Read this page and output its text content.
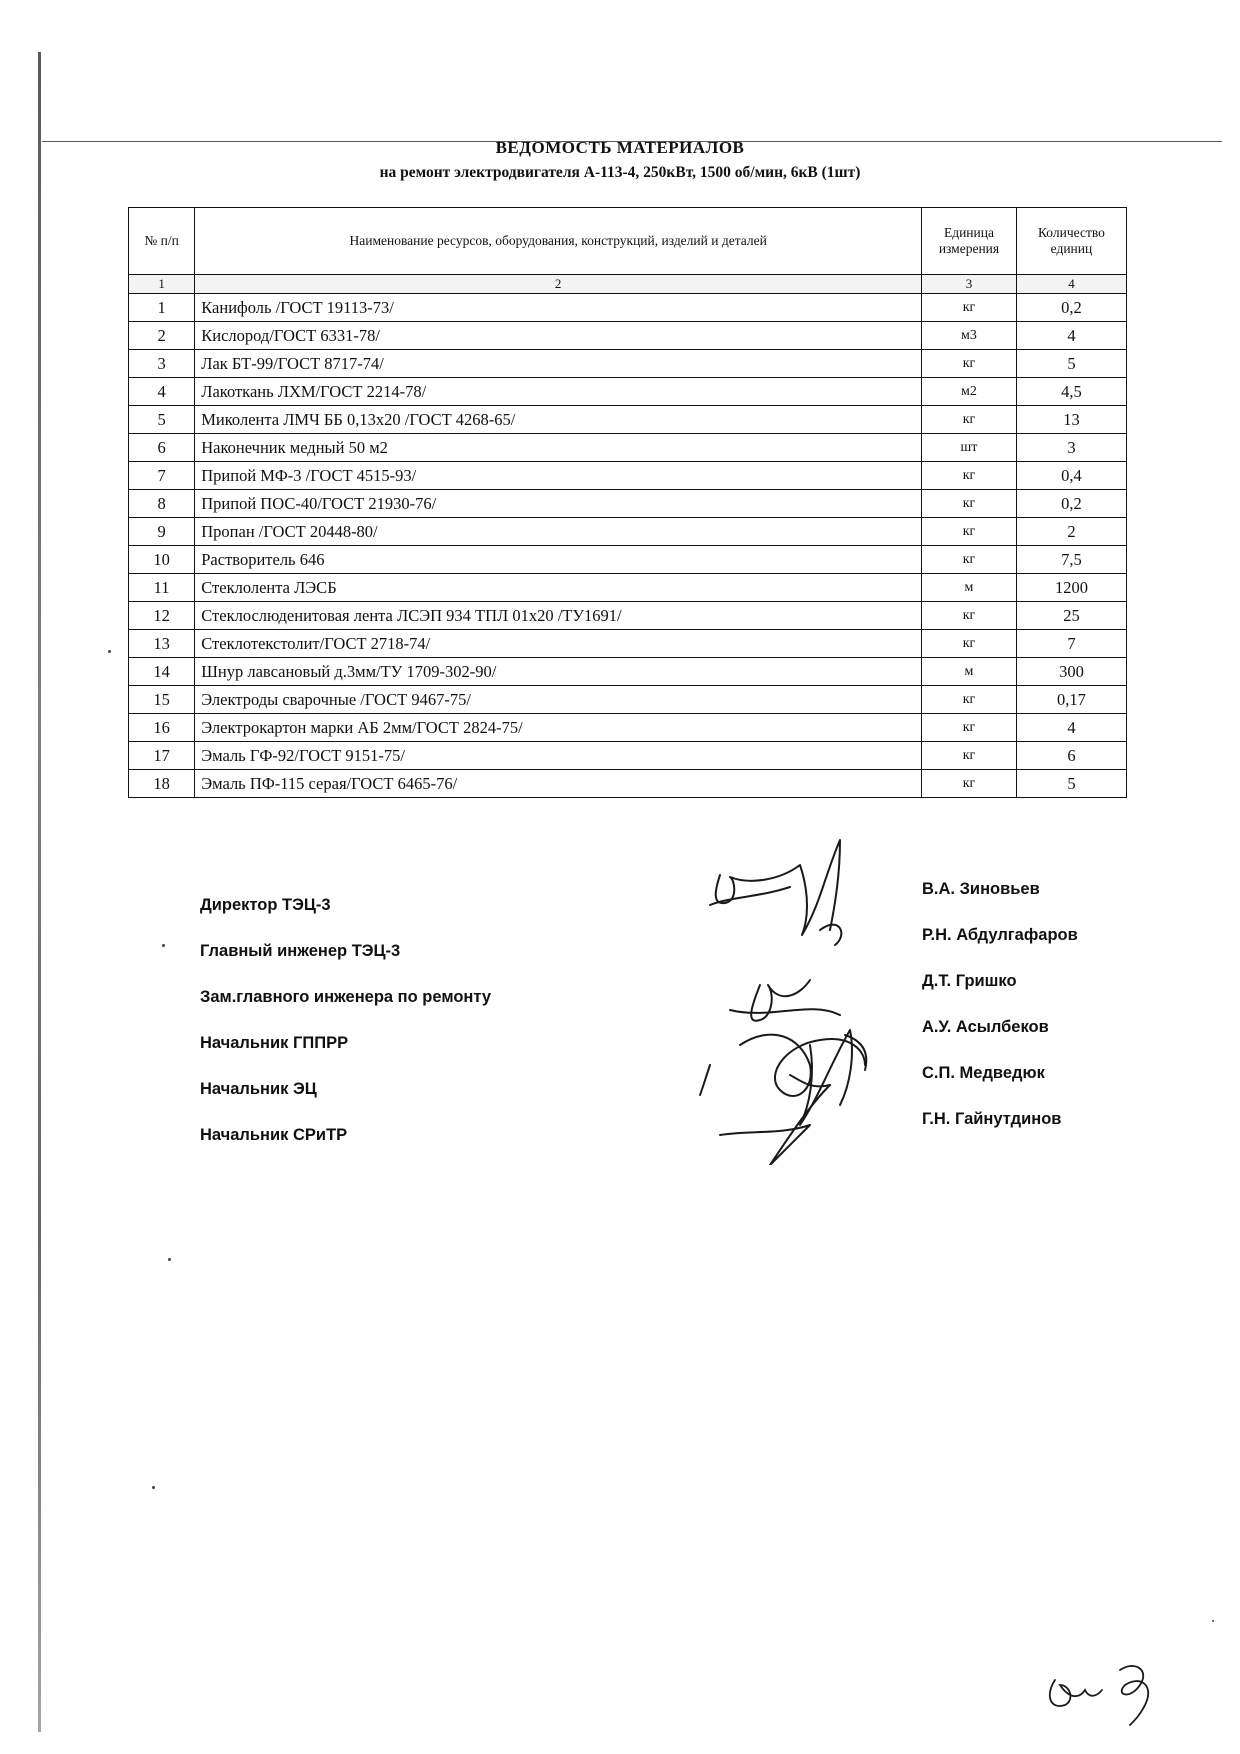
ВЕДОМОСТЬ МАТЕРИАЛОВ
на ремонт электродвигателя А-113-4, 250кВт, 1500 об/мин, 6кВ (1шт)
№ п/п	Наименование ресурсов, оборудования, конструкций, изделий и деталей	Единица измерения	Количество единиц
1	2	3	4
1	Канифоль /ГОСТ 19113-73/	кг	0,2
2	Кислород/ГОСТ 6331-78/	м3	4
3	Лак БТ-99/ГОСТ 8717-74/	кг	5
4	Лакоткань ЛХМ/ГОСТ 2214-78/	м2	4,5
5	Миколента ЛМЧ ББ 0,13х20 /ГОСТ 4268-65/	кг	13
6	Наконечник медный 50 м2	шт	3
7	Припой МФ-3 /ГОСТ 4515-93/	кг	0,4
8	Припой ПОС-40/ГОСТ 21930-76/	кг	0,2
9	Пропан /ГОСТ 20448-80/	кг	2
10	Растворитель 646	кг	7,5
11	Стеклолента ЛЭСБ	м	1200
12	Стеклослюденитовая лента ЛСЭП 934 ТПЛ 01х20 /ТУ1691/	кг	25
13	Стеклотекстолит/ГОСТ 2718-74/	кг	7
14	Шнур лавсановый д.3мм/ТУ 1709-302-90/	м	300
15	Электроды сварочные /ГОСТ 9467-75/	кг	0,17
16	Электрокартон марки АБ 2мм/ГОСТ 2824-75/	кг	4
17	Эмаль ГФ-92/ГОСТ 9151-75/	кг	6
18	Эмаль ПФ-115 серая/ГОСТ 6465-76/	кг	5
Директор ТЭЦ-3
Главный инженер ТЭЦ-3
Зам.главного инженера по ремонту
Начальник ГППРР
Начальник ЭЦ
Начальник СРиТР
В.А. Зиновьев
Р.Н. Абдулгафаров
Д.Т. Гришко
А.У. Асылбеков
С.П. Медведюк
Г.Н. Гайнутдинов
